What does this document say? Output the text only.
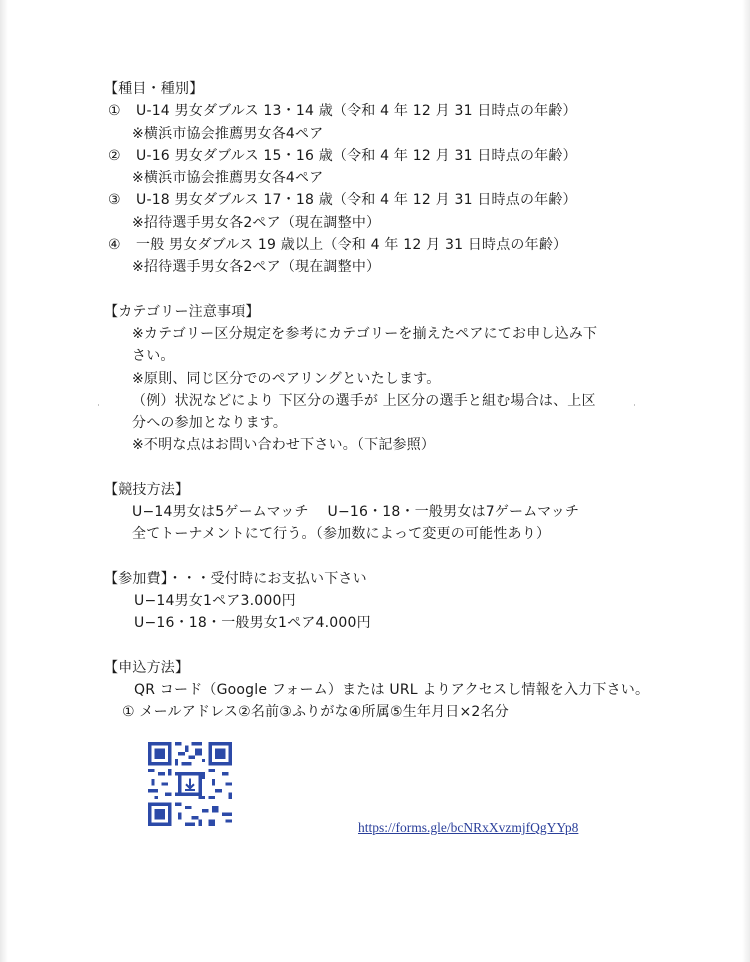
【種目・種別】
①	U-14 男女ダブルス 13・14 歳（令和 4 年 12 月 31 日時点の年齢）
※横浜市協会推薦男女各4ペア
②	U-16 男女ダブルス 15・16 歳（令和 4 年 12 月 31 日時点の年齢）
※横浜市協会推薦男女各4ペア
③	U-18 男女ダブルス 17・18 歳（令和 4 年 12 月 31 日時点の年齢）
※招待選手男女各2ペア（現在調整中）
④	一般 男女ダブルス 19 歳以上（令和 4 年 12 月 31 日時点の年齢）
※招待選手男女各2ペア（現在調整中）
【カテゴリー注意事項】
※カテゴリー区分規定を参考にカテゴリーを揃えたペアにてお申し込み下
さい。
※原則、同じ区分でのペアリングといたします。
（例）状況などにより 下区分の選手が 上区分の選手と組む場合は、上区
分への参加となります。
※不明な点はお問い合わせ下さい。（下記参照）
【競技方法】
U−14男女は5ゲームマッチ　 U−16・18・一般男女は7ゲームマッチ
全てトーナメントにて行う。（参加数によって変更の可能性あり）
【参加費】・・・受付時にお支払い下さい
U−14男女1ペア3.000円
U−16・18・一般男女1ペア4.000円
【申込方法】
QR コード（Google フォーム）または URL よりアクセスし情報を入力下さい。
① メールアドレス②名前③ふりがな④所属⑤生年月日×2名分
https://forms.gle/bcNRxXvzmjfQgYYp8
˙	˙
